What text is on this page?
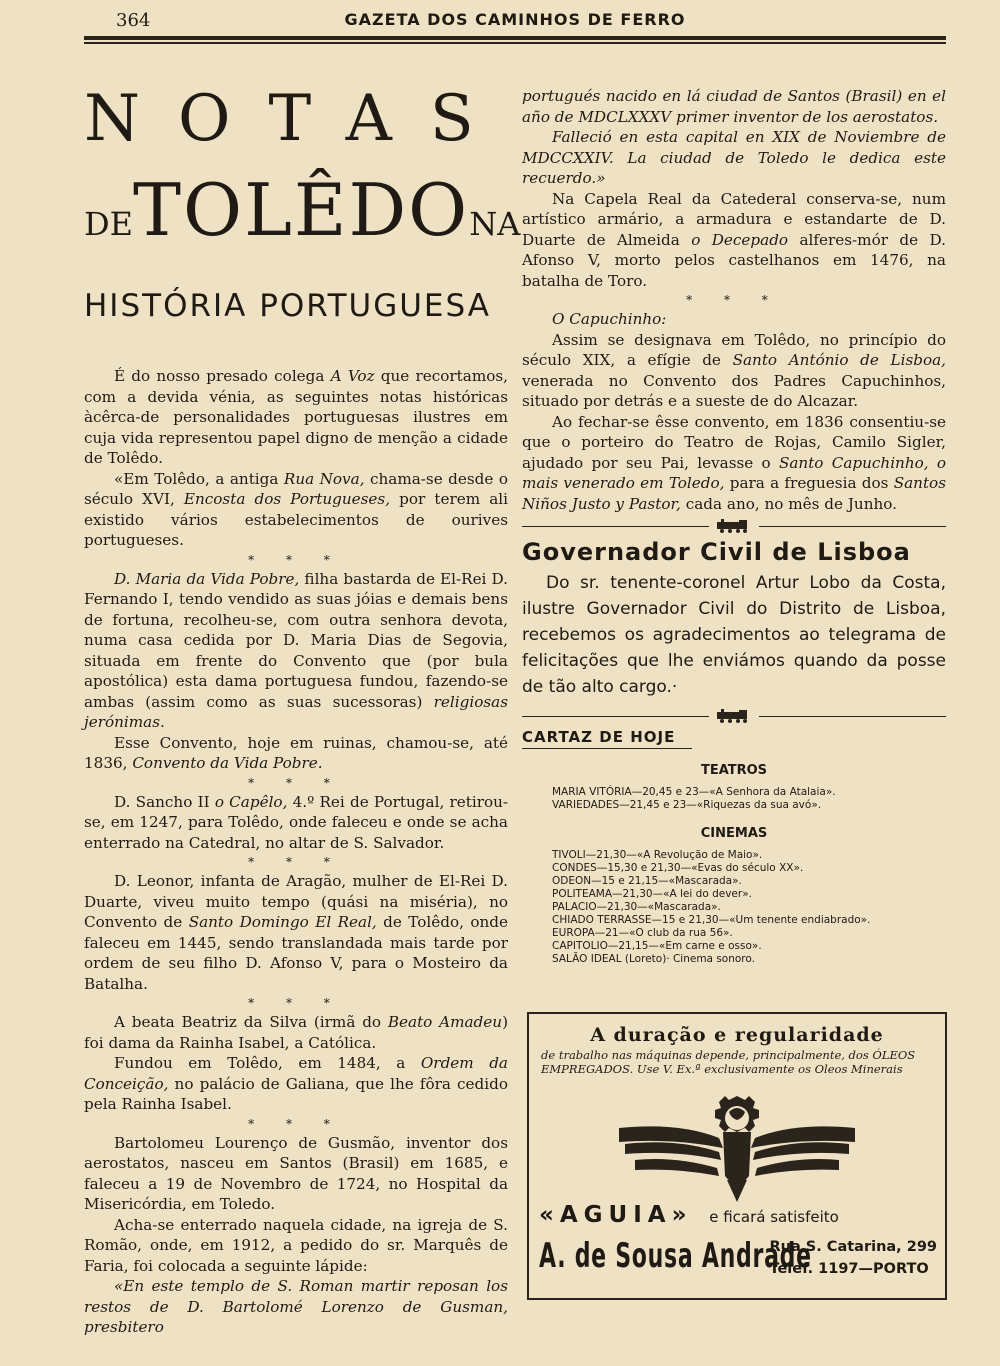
364	GAZETA DOS CAMINHOS DE FERRO
NOTAS
DETOLÊDONA
HISTÓRIA PORTUGUESA

É do nosso presado colega A Voz que recortamos, com a devida vénia, as seguintes notas históricas àcêrca-de personalidades portuguesas ilustres em cuja vida representou papel digno de menção a cidade de Tolêdo.

«Em Tolêdo, a antiga Rua Nova, chama-se desde o século XVI, Encosta dos Portugueses, por terem ali existido vários estabelecimentos de ourives portugueses.

* * *

D. Maria da Vida Pobre, filha bastarda de El-Rei D. Fernando I, tendo vendido as suas jóias e demais bens de fortuna, recolheu-se, com outra senhora devota, numa casa cedida por D. Maria Dias de Segovia, situada em frente do Convento que (por bula apostólica) esta dama portuguesa fundou, fazendo-se ambas (assim como as suas sucessoras) religiosas jerónimas.

Esse Convento, hoje em ruinas, chamou-se, até 1836, Convento da Vida Pobre.

* * *

D. Sancho II o Capêlo, 4.º Rei de Portugal, retirou-se, em 1247, para Tolêdo, onde faleceu e onde se acha enterrado na Catedral, no altar de S. Salvador.

* * *

D. Leonor, infanta de Aragão, mulher de El-Rei D. Duarte, viveu muito tempo (quási na miséria), no Convento de Santo Domingo El Real, de Tolêdo, onde faleceu em 1445, sendo translandada mais tarde por ordem de seu filho D. Afonso V, para o Mosteiro da Batalha.

* * *

A beata Beatriz da Silva (irmã do Beato Amadeu) foi dama da Rainha Isabel, a Católica.

Fundou em Tolêdo, em 1484, a Ordem da Conceição, no palácio de Galiana, que lhe fôra cedido pela Rainha Isabel.

* * *

Bartolomeu Lourenço de Gusmão, inventor dos aerostatos, nasceu em Santos (Brasil) em 1685, e faleceu a 19 de Novembro de 1724, no Hospital da Misericórdia, em Toledo.

Acha-se enterrado naquela cidade, na igreja de S. Romão, onde, em 1912, a pedido do sr. Marquês de Faria, foi colocada a seguinte lápide:

«En este templo de S. Roman martir reposan los restos de D. Bartolomé Lorenzo de Gusman, presbitero

portugués nacido en lá ciudad de Santos (Brasil) en el año de MDCLXXXV primer inventor de los aerostatos.

Falleció en esta capital en XIX de Noviembre de MDCCXXIV. La ciudad de Toledo le dedica este recuerdo.»

Na Capela Real da Catederal conserva-se, num artístico armário, a armadura e estandarte de D. Duarte de Almeida o Decepado alferes-mór de D. Afonso V, morto pelos castelhanos em 1476, na batalha de Toro.

* * *

O Capuchinho:

Assim se designava em Tolêdo, no princípio do século XIX, a efígie de Santo António de Lisboa, venerada no Convento dos Padres Capuchinhos, situado por detrás e a sueste de do Alcazar.

Ao fechar-se êsse convento, em 1836 consentiu-se que o porteiro do Teatro de Rojas, Camilo Sigler, ajudado por seu Pai, levasse o Santo Capuchinho, o mais venerado em Toledo, para a freguesia dos Santos Niños Justo y Pastor, cada ano, no mês de Junho.

Governador Civil de Lisboa

Do sr. tenente-coronel Artur Lobo da Costa, ilustre Governador Civil do Distrito de Lisboa, recebemos os agradecimentos ao telegrama de felicitações que lhe enviámos quando da posse de tão alto cargo.·

CARTAZ DE HOJE
TEATROS
MARIA VITÓRIA—20,45 e 23—«A Senhora da Atalaia».
VARIEDADES—21,45 e 23—«Riquezas da sua avó».
CINEMAS
TIVOLI—21,30—«A Revolução de Maio».
CONDES—15,30 e 21,30—«Evas do século XX».
ODEON—15 e 21,15—«Mascarada».
POLITEAMA—21,30—«A lei do dever».
PALACIO—21,30—«Mascarada».
CHIADO TERRASSE—15 e 21,30—«Um tenente endiabrado».
EUROPA—21—«O club da rua 56».
CAPITOLIO—21,15—«Em carne e osso».
SALÃO IDEAL (Loreto)· Cinema sonoro.
A duração e regularidade
de trabalho nas máquinas depende, principalmente, dos ÓLEOS EMPREGADOS. Use V. Ex.ª exclusivamente os Oleos Minerais
«AGUIA» e ficará satisfeito
A. de Sousa Andrade
Rua S. Catarina, 299
Telef. 1197—PORTO
